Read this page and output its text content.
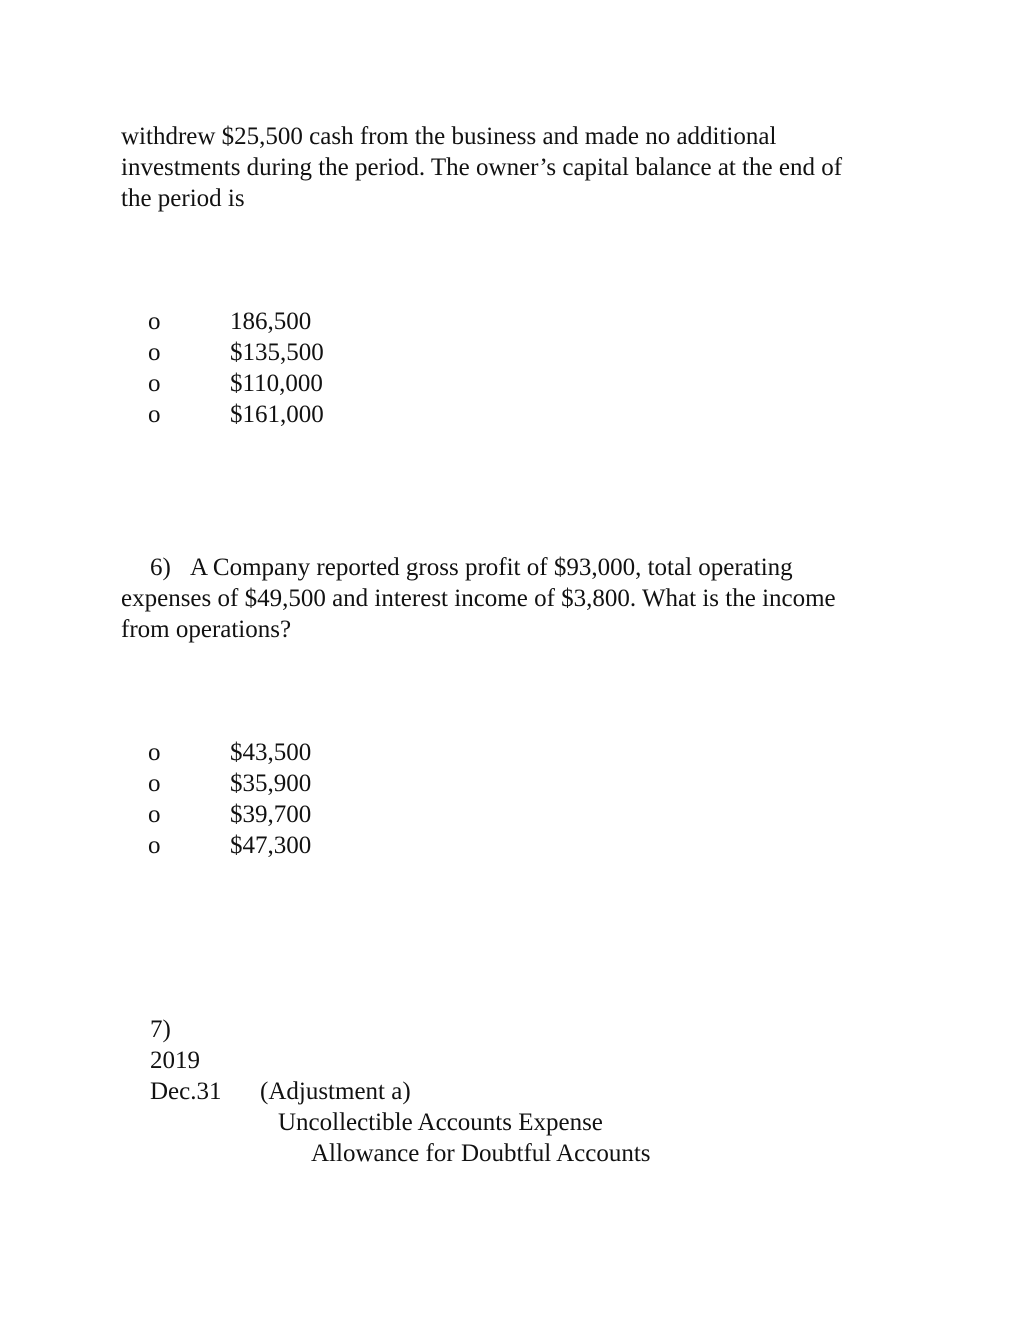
withdrew $25,500 cash from the business and made no additional
investments during the period. The owner’s capital balance at the end of
the period is
o	186,500
o	$135,500
o	$110,000
o	$161,000
6) A Company reported gross profit of $93,000, total operating
expenses of $49,500 and interest income of $3,800. What is the income
from operations?
o	$43,500
o	$35,900
o	$39,700
o	$47,300
7)
2019
Dec.31 (Adjustment a)
Uncollectible Accounts Expense
Allowance for Doubtful Accounts
